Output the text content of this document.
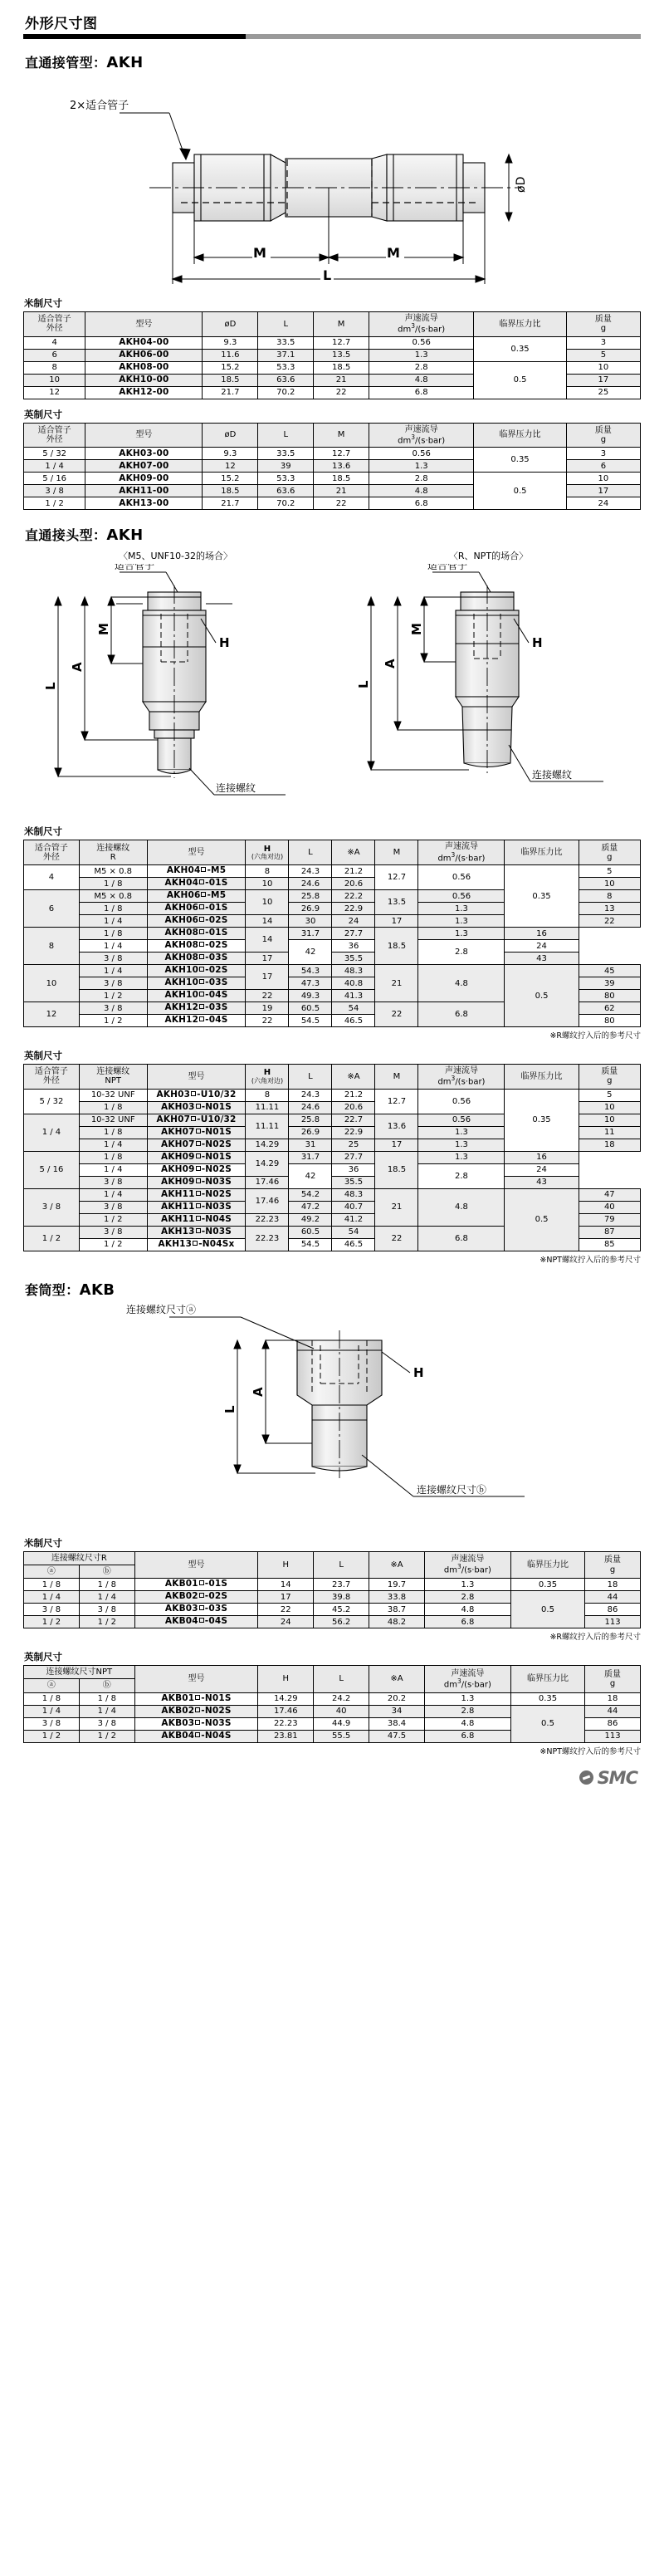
外形尺寸图
直通接管型：AKH
2×适合管子
øD
M	M
L
米制尺寸
适合管子
外径	型号	øD	L	M	声速流导
$dm^3/(s\cdot bar)$	临界压力比	质量
g
4	AKH04-00	9.3	33.5	12.7	0.56	0.35	3
6	AKH06-00	11.6	37.1	13.5	1.3		5
8	AKH08-00	15.2	53.3	18.5	2.8	0.5	10
10	AKH10-00	18.5	63.6	21	4.8		17
12	AKH12-00	21.7	70.2	22	6.8		25
英制尺寸
适合管子
外径	型号	øD	L	M	声速流导
$dm^3/(s\cdot bar)$	临界压力比	质量
g
5 / 32	AKH03-00	9.3	33.5	12.7	0.56	0.35	3
1 / 4	AKH07-00	12	39	13.6	1.3		6
5 / 16	AKH09-00	15.2	53.3	18.5	2.8	0.5	10
3 / 8	AKH11-00	18.5	63.6	21	4.8		17
1 / 2	AKH13-00	21.7	70.2	22	6.8		24
直通接头型：AKH
〈M5、UNF10-32的场合〉
H
适合管子
M
A
L
连接螺纹
〈R、NPT的场合〉
H
适合管子
M
A
L
连接螺纹
米制尺寸
适合管子
外径	连接螺纹
R	型号	H
(六角对边)	L	※A	M	声速流导
$dm^3/(s\cdot bar)$	临界压力比	质量
g
4	M5 × 0.8	AKH04 -M5	8	24.3	21.2	12.7	0.56	0.35	5
	1 / 8	AKH04 -01S	10	24.6	20.6				10
6	M5 × 0.8	AKH06 -M5	10	25.8	22.2	13.5	0.56		8
	1 / 8	AKH06 -01S		26.9	22.9		1.3		13
	1 / 4	AKH06 -02S	14	30	24	17	1.3		22
8	1 / 8	AKH08 -01S	14	31.7	27.7	18.5	1.3	16	
	1 / 4	AKH08 -02S		42	36		2.8	24	
	3 / 8	AKH08 -03S	17		35.5			43	
10	1 / 4	AKH10 -02S	17	54.3	48.3	21	4.8	0.5	45
	3 / 8	AKH10 -03S		47.3	40.8				39
	1 / 2	AKH10 -04S	22	49.3	41.3				80
12	3 / 8	AKH12 -03S	19	60.5	54	22	6.8		62
	1 / 2	AKH12 -04S	22	54.5	46.5				80
※R螺纹拧入后的参考尺寸
英制尺寸
适合管子
外径	连接螺纹
NPT	型号	H
(六角对边)	L	※A	M	声速流导
$dm^3/(s\cdot bar)$	临界压力比	质量
g
5 / 32	10-32 UNF	AKH03 -U10/32	8	24.3	21.2	12.7	0.56	0.35	5
	1 / 8	AKH03 -N01S	11.11	24.6	20.6				10
1 / 4	10-32 UNF	AKH07 -U10/32	11.11	25.8	22.7	13.6	0.56		10
	1 / 8	AKH07 -N01S		26.9	22.9		1.3		11
	1 / 4	AKH07 -N02S	14.29	31	25	17	1.3		18
5 / 16	1 / 8	AKH09 -N01S	14.29	31.7	27.7	18.5	1.3	16	
	1 / 4	AKH09 -N02S		42	36		2.8	24	
	3 / 8	AKH09 -N03S	17.46		35.5			43	
3 / 8	1 / 4	AKH11 -N02S	17.46	54.2	48.3	21	4.8	0.5	47
	3 / 8	AKH11 -N03S		47.2	40.7				40
	1 / 2	AKH11 -N04S	22.23	49.2	41.2				79
1 / 2	3 / 8	AKH13 -N03S	22.23	60.5	54	22	6.8		87
	1 / 2	AKH13 -N04Sx		54.5	46.5				85
※NPT螺纹拧入后的参考尺寸
套筒型：AKB
H
A
L
连接螺纹尺寸ⓐ
连接螺纹尺寸ⓑ
米制尺寸
连接螺纹尺寸R		型号	H	L	※A	声速流导
$dm^3/(s\cdot bar)$	临界压力比	质量
g
ⓐ	ⓑ							
1 / 8	1 / 8	AKB01 -01S	14	23.7	19.7	1.3	0.35	18
1 / 4	1 / 4	AKB02 -02S	17	39.8	33.8	2.8	0.5	44
3 / 8	3 / 8	AKB03 -03S	22	45.2	38.7	4.8		86
1 / 2	1 / 2	AKB04 -04S	24	56.2	48.2	6.8		113
※R螺纹拧入后的参考尺寸
英制尺寸
连接螺纹尺寸NPT		型号	H	L	※A	声速流导
$dm^3/(s\cdot bar)$	临界压力比	质量
g
ⓐ	ⓑ							
1 / 8	1 / 8	AKB01 -N01S	14.29	24.2	20.2	1.3	0.35	18
1 / 4	1 / 4	AKB02 -N02S	17.46	40	34	2.8	0.5	44
3 / 8	3 / 8	AKB03 -N03S	22.23	44.9	38.4	4.8		86
1 / 2	1 / 2	AKB04 -N04S	23.81	55.5	47.5	6.8		113
※NPT螺纹拧入后的参考尺寸
SMC
